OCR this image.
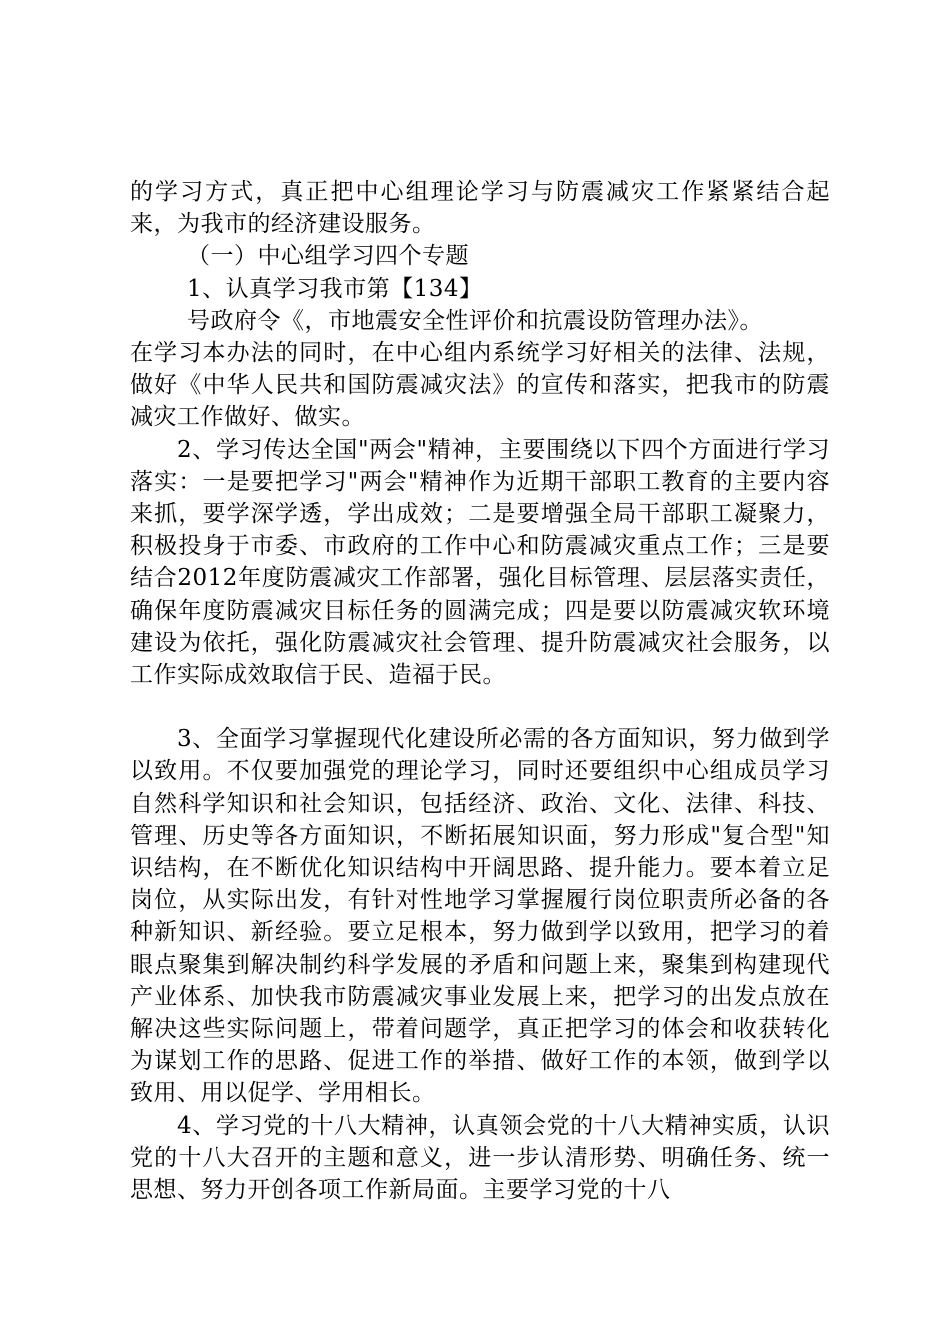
的学习方式，真正把中心组理论学习与防震减灾工作紧紧结合起来，为我市的经济建设服务。

（一）中心组学习四个专题

1、认真学习我市第【134】

号政府令《，市地震安全性评价和抗震设防管理办法》。

在学习本办法的同时，在中心组内系统学习好相关的法律、法规，做好《中华人民共和国防震减灾法》的宣传和落实，把我市的防震减灾工作做好、做实。

2、学习传达全国"两会"精神，主要围绕以下四个方面进行学习落实：一是要把学习"两会"精神作为近期干部职工教育的主要内容来抓，要学深学透，学出成效；二是要增强全局干部职工凝聚力，积极投身于市委、市政府的工作中心和防震减灾重点工作；三是要结合2012年度防震减灾工作部署，强化目标管理、层层落实责任，确保年度防震减灾目标任务的圆满完成；四是要以防震减灾软环境建设为依托，强化防震减灾社会管理、提升防震减灾社会服务，以工作实际成效取信于民、造福于民。

3、全面学习掌握现代化建设所必需的各方面知识，努力做到学以致用。不仅要加强党的理论学习，同时还要组织中心组成员学习自然科学知识和社会知识，包括经济、政治、文化、法律、科技、管理、历史等各方面知识，不断拓展知识面，努力形成"复合型"知识结构，在不断优化知识结构中开阔思路、提升能力。要本着立足岗位，从实际出发，有针对性地学习掌握履行岗位职责所必备的各种新知识、新经验。要立足根本，努力做到学以致用，把学习的着眼点聚集到解决制约科学发展的矛盾和问题上来，聚集到构建现代产业体系、加快我市防震减灾事业发展上来，把学习的出发点放在解决这些实际问题上，带着问题学，真正把学习的体会和收获转化为谋划工作的思路、促进工作的举措、做好工作的本领，做到学以致用、用以促学、学用相长。

4、学习党的十八大精神，认真领会党的十八大精神实质，认识党的十八大召开的主题和意义，进一步认清形势、明确任务、统一思想、努力开创各项工作新局面。主要学习党的十八
